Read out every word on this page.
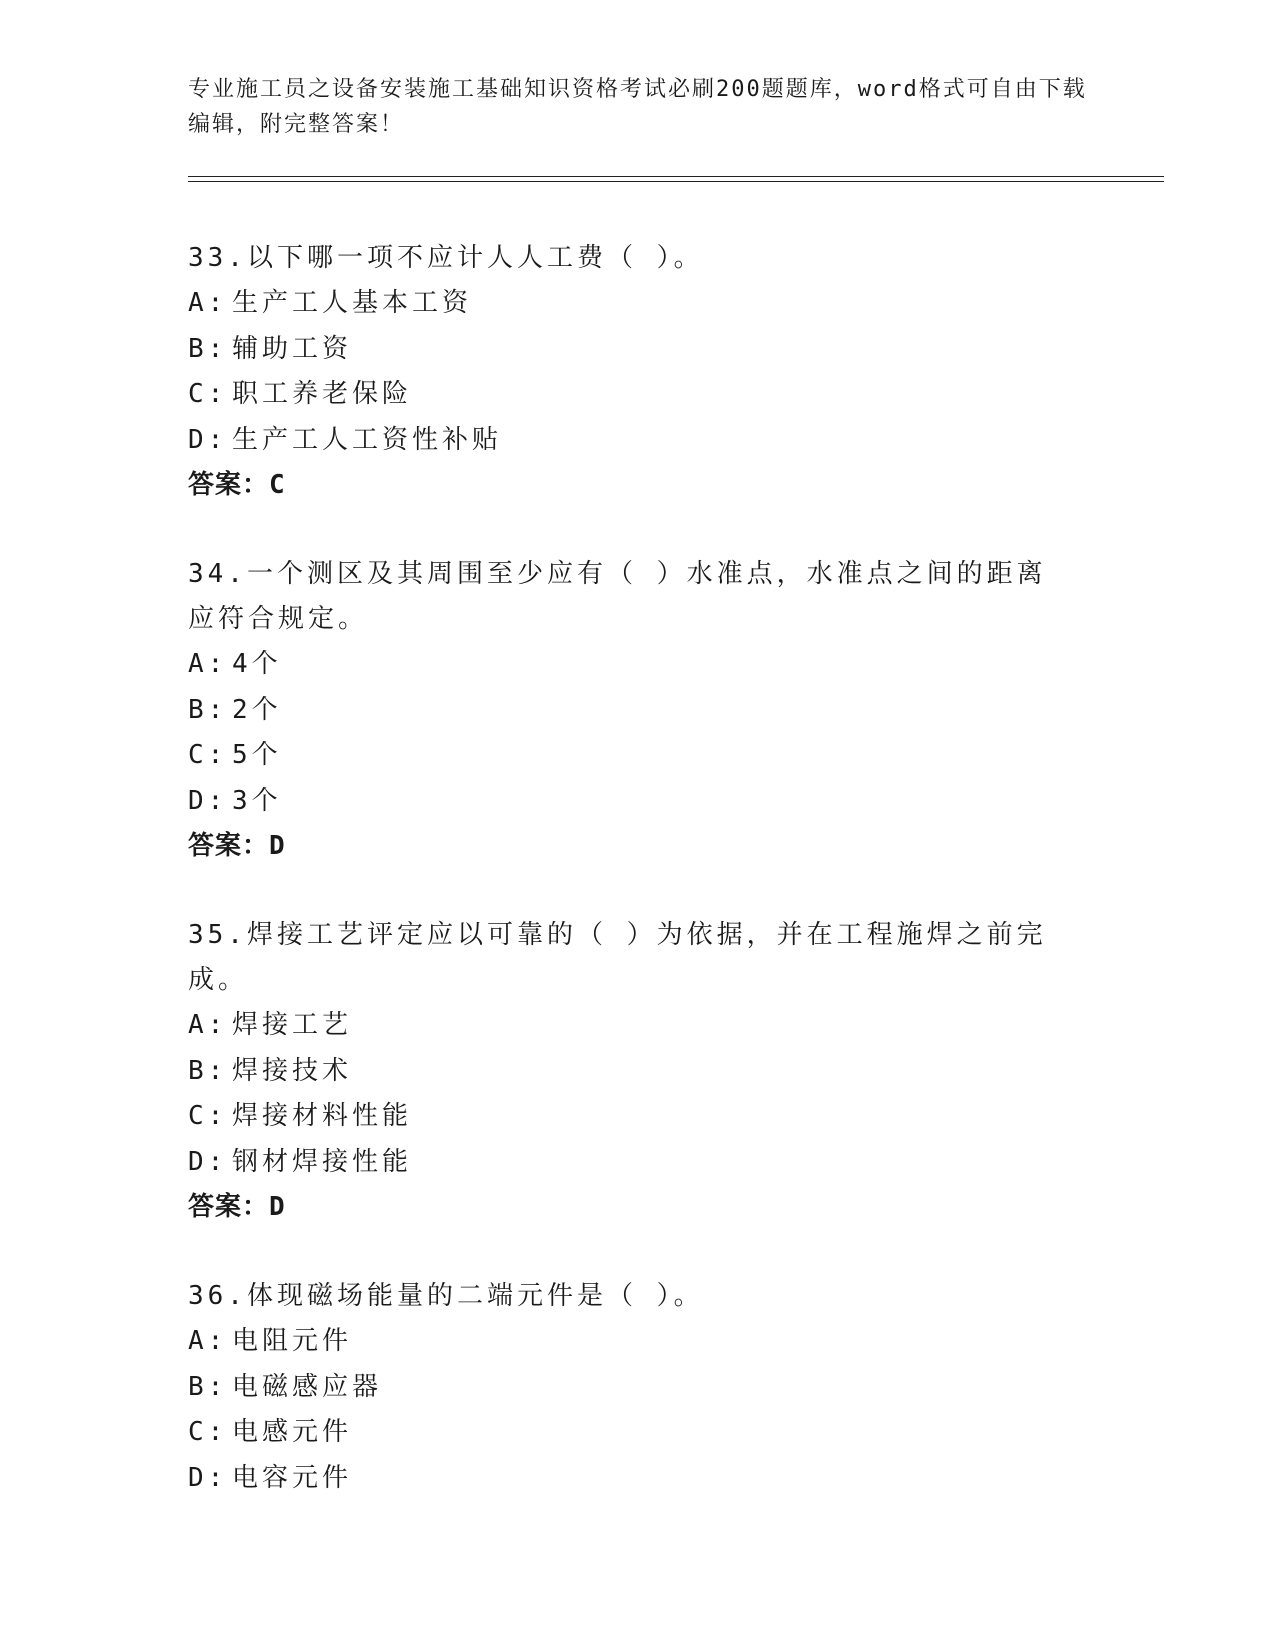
专业施工员之设备安装施工基础知识资格考试必刷200题题库，word格式可自由下载编辑，附完整答案！
33.以下哪一项不应计人人工费（ ）。
A: 生产工人基本工资
B: 辅助工资
C: 职工养老保险
D: 生产工人工资性补贴
答案：C
34.一个测区及其周围至少应有（ ）水准点，水准点之间的距离应符合规定。
A: 4个
B: 2个
C: 5个
D: 3个
答案：D
35.焊接工艺评定应以可靠的（ ）为依据，并在工程施焊之前完成。
A: 焊接工艺
B: 焊接技术
C: 焊接材料性能
D: 钢材焊接性能
答案：D
36.体现磁场能量的二端元件是（ ）。
A: 电阻元件
B: 电磁感应器
C: 电感元件
D: 电容元件
